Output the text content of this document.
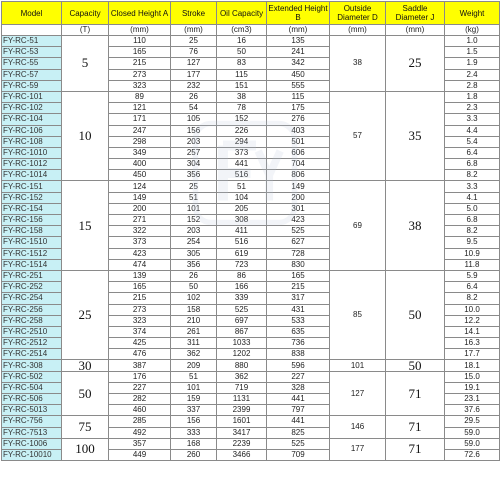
Model	Capacity	Closed Height A	Stroke	Oil Capacity	Extended Height B	Outside Diameter D	Saddle Diameter J	Weight
	(T)	(mm)	(mm)	(cm3)	(mm)	(mm)	(mm)	(kg)
FY-RC-51	5	110	25	16	135	38	25	1.0
FY-RC-53		165	76	50	241			1.5
FY-RC-55		215	127	83	342			1.9
FY-RC-57		273	177	115	450			2.4
FY-RC-59		323	232	151	555			2.8
FY-RC-101	10	89	26	38	115	57	35	1.8
FY-RC-102		121	54	78	175			2.3
FY-RC-104		171	105	152	276			3.3
FY-RC-106		247	156	226	403			4.4
FY-RC-108		298	203	294	501			5.4
FY-RC-1010		349	257	373	606			6.4
FY-RC-1012		400	304	441	704			6.8
FY-RC-1014		450	356	516	806			8.2
FY-RC-151	15	124	25	51	149	69	38	3.3
FY-RC-152		149	51	104	200			4.1
FY-RC-154		200	101	205	301			5.0
FY-RC-156		271	152	308	423			6.8
FY-RC-158		322	203	411	525			8.2
FY-RC-1510		373	254	516	627			9.5
FY-RC-1512		423	305	619	728			10.9
FY-RC-1514		474	356	723	830			11.8
FY-RC-251	25	139	26	86	165	85	50	5.9
FY-RC-252		165	50	166	215			6.4
FY-RC-254		215	102	339	317			8.2
FY-RC-256		273	158	525	431			10.0
FY-RC-258		323	210	697	533			12.2
FY-RC-2510		374	261	867	635			14.1
FY-RC-2512		425	311	1033	736			16.3
FY-RC-2514		476	362	1202	838			17.7
FY-RC-308	30	387	209	880	596	101	50	18.1
FY-RC-502	50	176	51	362	227	127	71	15.0
FY-RC-504		227	101	719	328			19.1
FY-RC-506		282	159	1131	441			23.1
FY-RC-5013		460	337	2399	797			37.6
FY-RC-756	75	285	156	1601	441	146	71	29.5
FY-RC-7513		492	333	3417	825			59.0
FY-RC-1006	100	357	168	2239	525	177	71	59.0
FY-RC-10010		449	260	3466	709			72.6
